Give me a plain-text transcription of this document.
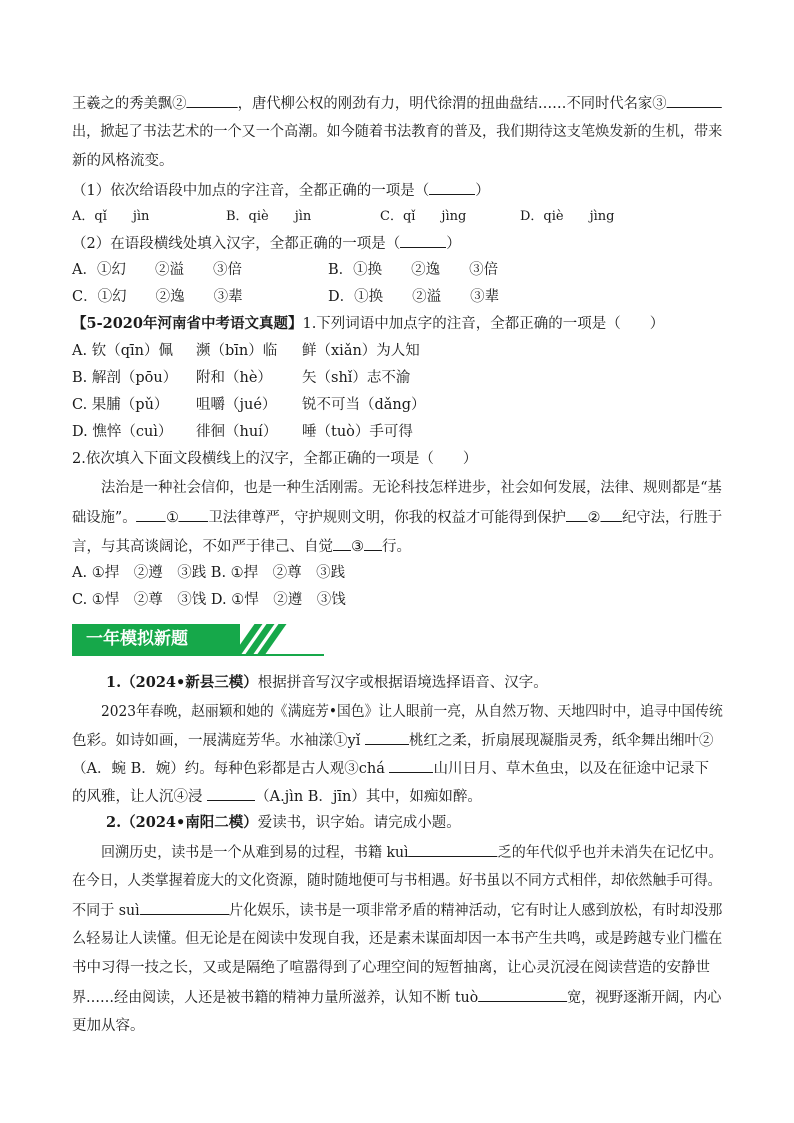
王羲之的秀美飘②	，唐代柳公权的刚劲有力，明代徐渭的扭曲盘结……不同时代名家③
出，掀起了书法艺术的一个又一个高潮。如今随着书法教育的普及，我们期待这支笔焕发新的生机，带来
新的风格流变。
（1）依次给语段中加点的字注音，全都正确的一项是（	）
A．qǐ　　jìn	B．qiè　　jìn	C．qǐ　　jìng	D．qiè　　jìng
（2）在语段横线处填入汉字，全都正确的一项是（	）
A．①幻　　②溢　　③倍	B．①换　　②逸　　③倍
C．①幻　　②逸　　③辈	D．①换　　②溢　　③辈
【5-2020年河南省中考语文真题】1.下列词语中加点字的注音，全都正确的一项是（　　）
A. 钦（qīn）佩 濒（bīn）临 鲜（xiǎn）为人知
B. 解剖（pōu） 附和（hè） 矢（shǐ）志不渝
C. 果脯（pǔ） 咀嚼（jué） 锐不可当（dǎng）
D. 憔悴（cuì） 徘徊（huí） 唾（tuò）手可得
2.依次填入下面文段横线上的汉字，全都正确的一项是（　　）
法治是一种社会信仰，也是一种生活刚需。无论科技怎样进步，社会如何发展，法律、规则都是“基
础设施”。 ① 卫法律尊严，守护规则文明，你我的权益才可能得到保护 ② 纪守法，行胜于
言，与其高谈阔论，不如严于律己、自觉 ③ 行。
A. ①捍　②遵　③践 B. ①捍　②尊　③践
C. ①悍　②尊　③饯 D. ①悍　②遵　③饯
一年模拟新题
1.（2024•新县三模）根据拼音写汉字或根据语境选择语音、汉字。
2023年春晚，赵丽颖和她的《满庭芳•国色》让人眼前一亮，从自然万物、天地四时中，追寻中国传统
色彩。如诗如画，一展满庭芳华。水袖漾①yǐ	桃红之柔，折扇展现凝脂灵秀，纸伞舞出缃叶②
（A．蜿 B．婉）约。每种色彩都是古人观③chá	山川日月、草木鱼虫，以及在征途中记录下
的风雅，让人沉④浸	（A.jìn B．jīn）其中，如痴如醉。
2.（2024•南阳二模）爱读书，识字始。请完成小题。
回溯历史，读书是一个从难到易的过程，书籍 kuì	乏的年代似乎也并未消失在记忆中。
在今日，人类掌握着庞大的文化资源，随时随地便可与书相遇。好书虽以不同方式相伴，却依然触手可得。
不同于 suì	片化娱乐，读书是一项非常矛盾的精神活动，它有时让人感到放松，有时却没那
么轻易让人读懂。但无论是在阅读中发现自我，还是素未谋面却因一本书产生共鸣，或是跨越专业门槛在
书中习得一技之长，又或是隔绝了喧嚣得到了心理空间的短暂抽离，让心灵沉浸在阅读营造的安静世
界……经由阅读，人还是被书籍的精神力量所滋养，认知不断 tuò	宽，视野逐渐开阔，内心
更加从容。
